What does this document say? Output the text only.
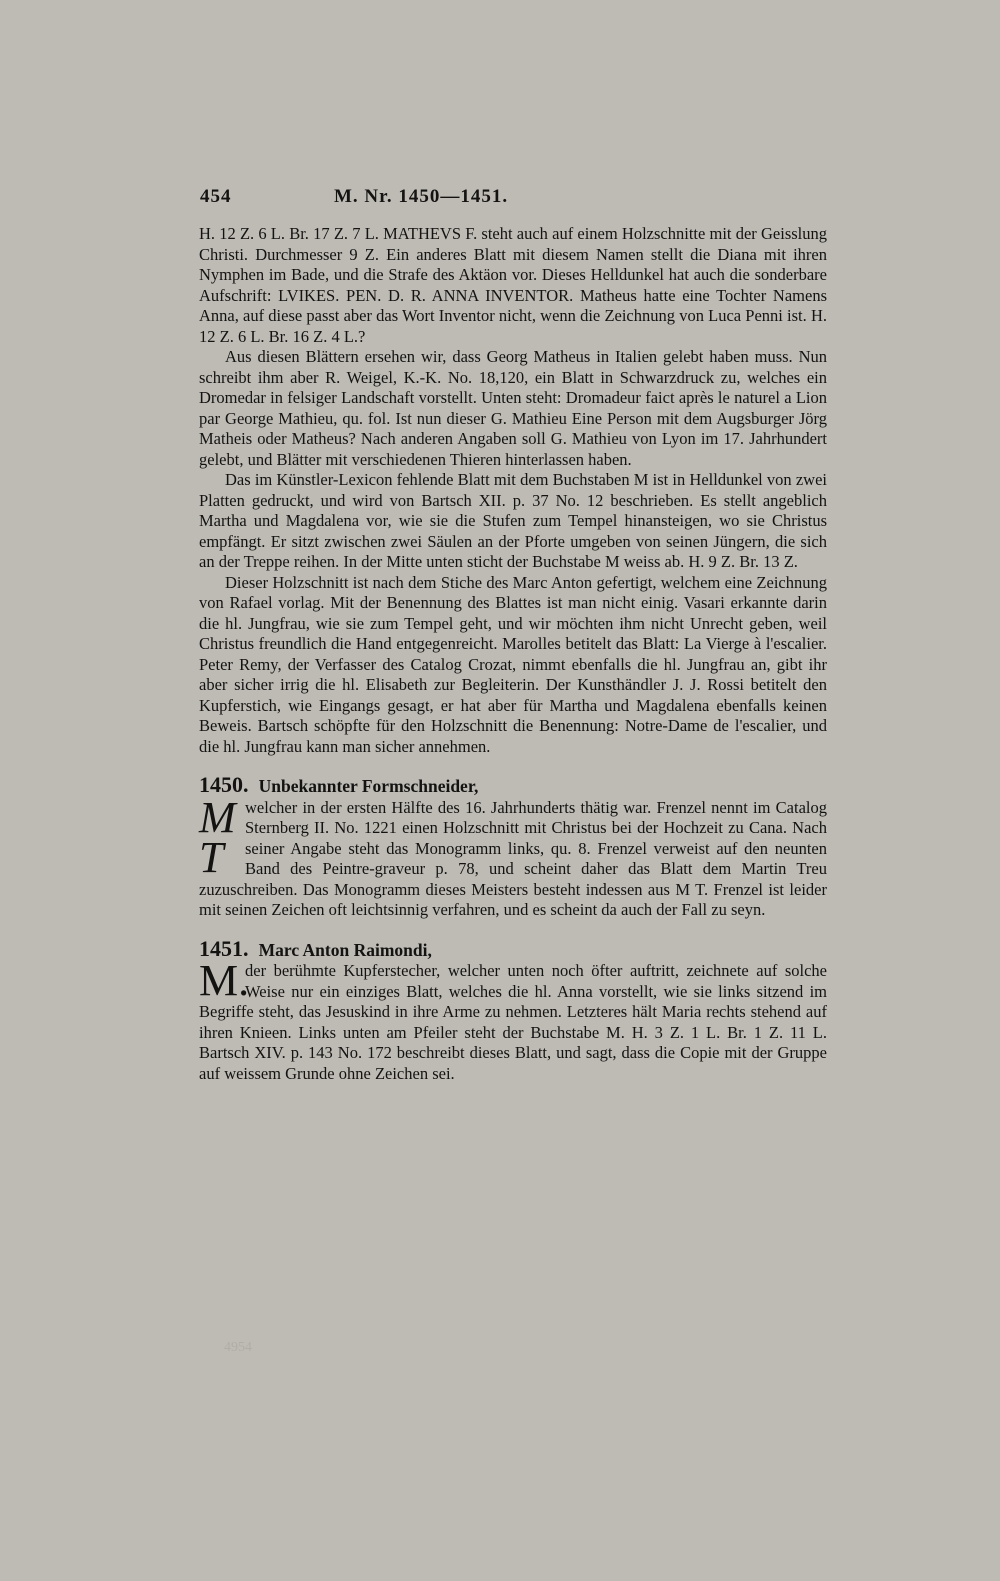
454	M. Nr. 1450—1451.

H. 12 Z. 6 L. Br. 17 Z. 7 L. MATHEVS F. steht auch auf einem Holzschnitte mit der Geisslung Christi. Durchmesser 9 Z. Ein anderes Blatt mit diesem Namen stellt die Diana mit ihren Nymphen im Bade, und die Strafe des Aktäon vor. Dieses Helldunkel hat auch die sonderbare Aufschrift: LVIKES. PEN. D. R. ANNA INVENTOR. Matheus hatte eine Tochter Namens Anna, auf diese passt aber das Wort Inventor nicht, wenn die Zeichnung von Luca Penni ist. H. 12 Z. 6 L. Br. 16 Z. 4 L.?

Aus diesen Blättern ersehen wir, dass Georg Matheus in Italien gelebt haben muss. Nun schreibt ihm aber R. Weigel, K.-K. No. 18,120, ein Blatt in Schwarzdruck zu, welches ein Dromedar in felsiger Landschaft vorstellt. Unten steht: Dromadeur faict après le naturel a Lion par George Mathieu, qu. fol. Ist nun dieser G. Mathieu Eine Person mit dem Augsburger Jörg Matheis oder Matheus? Nach anderen Angaben soll G. Mathieu von Lyon im 17. Jahrhundert gelebt, und Blätter mit verschiedenen Thieren hinterlassen haben.

Das im Künstler-Lexicon fehlende Blatt mit dem Buchstaben M ist in Helldunkel von zwei Platten gedruckt, und wird von Bartsch XII. p. 37 No. 12 beschrieben. Es stellt angeblich Martha und Magdalena vor, wie sie die Stufen zum Tempel hinansteigen, wo sie Christus empfängt. Er sitzt zwischen zwei Säulen an der Pforte umgeben von seinen Jüngern, die sich an der Treppe reihen. In der Mitte unten sticht der Buchstabe M weiss ab. H. 9 Z. Br. 13 Z.

Dieser Holzschnitt ist nach dem Stiche des Marc Anton gefertigt, welchem eine Zeichnung von Rafael vorlag. Mit der Benennung des Blattes ist man nicht einig. Vasari erkannte darin die hl. Jungfrau, wie sie zum Tempel geht, und wir möchten ihm nicht Unrecht geben, weil Christus freundlich die Hand entgegenreicht. Marolles betitelt das Blatt: La Vierge à l'escalier. Peter Remy, der Verfasser des Catalog Crozat, nimmt ebenfalls die hl. Jungfrau an, gibt ihr aber sicher irrig die hl. Elisabeth zur Begleiterin. Der Kunsthändler J. J. Rossi betitelt den Kupferstich, wie Eingangs gesagt, er hat aber für Martha und Magdalena ebenfalls keinen Beweis. Bartsch schöpfte für den Holzschnitt die Benennung: Notre-Dame de l'escalier, und die hl. Jungfrau kann man sicher annehmen.

1450. Unbekannter Formschneider,
M T

welcher in der ersten Hälfte des 16. Jahrhunderts thätig war. Frenzel nennt im Catalog Sternberg II. No. 1221 einen Holzschnitt mit Christus bei der Hochzeit zu Cana. Nach seiner Angabe steht das Monogramm links, qu. 8. Frenzel verweist auf den neunten Band des Peintre-graveur p. 78, und scheint daher das Blatt dem Martin Treu zuzuschreiben. Das Monogramm dieses Meisters besteht indessen aus M T. Frenzel ist leider mit seinen Zeichen oft leichtsinnig verfahren, und es scheint da auch der Fall zu seyn.

1451. Marc Anton Raimondi,
M.

der berühmte Kupferstecher, welcher unten noch öfter auftritt, zeichnete auf solche Weise nur ein einziges Blatt, welches die hl. Anna vorstellt, wie sie links sitzend im Begriffe steht, das Jesuskind in ihre Arme zu nehmen. Letzteres hält Maria rechts stehend auf ihren Knieen. Links unten am Pfeiler steht der Buchstabe M. H. 3 Z. 1 L. Br. 1 Z. 11 L. Bartsch XIV. p. 143 No. 172 beschreibt dieses Blatt, und sagt, dass die Copie mit der Gruppe auf weissem Grunde ohne Zeichen sei.

4954
